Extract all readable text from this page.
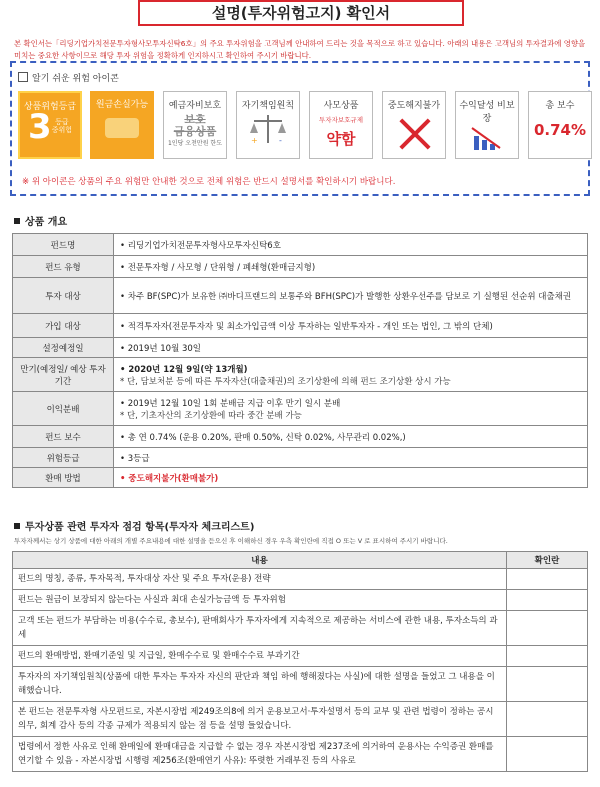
설명(투자위험고지) 확인서
본 확인서는「리딩기업가치전문투자형사모투자신탁6호」의 주요 투자위험을 고객님께 안내하여 드리는 것을 목적으로 하고 있습니다. 아래의 내용은 고객님의 투자결과에 영향을 미치는 중요한 사항이므로 해당 투자 위험을 정확하게 인지하시고 확인하여 주시기 바랍니다.
알기 쉬운 위험 아이콘
상품위험등급
3 등급
중위험
원금손실가능	예금자비보호
보호
금융상품
1인당 오천만원 한도
자기책임원칙
+	-
사모상품
투자자보호규제
약함
중도해지불가	수익달성 비보장
총 보수
0.74%
※ 위 아이콘은 상품의 주요 위험만 안내한 것으로 전체 위험은 반드시 설명서를 확인하시기 바랍니다.
상품 개요
펀드명	• 리딩기업가치전문투자형사모투자신탁6호
펀드 유형	• 전문투자형 / 사모형 / 단위형 / 폐쇄형(환매금지형)
투자 대상	• 차주 BF(SPC)가 보유한 ㈜바디프랜드의 보통주와 BFH(SPC)가 발행한 상환우선주를 담보로 기 실행된 선순위 대출채권
가입 대상	• 적격투자자(전문투자자 및 최소가입금액 이상 투자하는 일반투자자 - 개인 또는 법인, 그 밖의 단체)
설정예정일	• 2019년 10월 30일
만기(예정일/ 예상 투자기간	• 2020년 12월 9일(약 13개월)
* 단, 담보처분 등에 따른 투자자산(대출채권)의 조기상환에 의해 펀드 조기상환 상시 가능

이익분배	• 2019년 12월 10일 1회 분배금 지급 이후 만기 일시 분배
* 단, 기초자산의 조기상환에 따라 중간 분배 가능

펀드 보수	• 총 연 0.74% (운용 0.20%, 판매 0.50%, 신탁 0.02%, 사무관리 0.02%,)
위험등급	• 3등급
환매 방법	• 중도해지불가(환매불가)
투자상품 관련 투자자 점검 항목(투자자 체크리스트)
투자자께서는 상기 상품에 대한 아래의 개별 주요내용에 대한 설명을 듣으신 후 이해하신 경우 우측 확인란에 직접 O 또는 V 로 표시하여 주시기 바랍니다.
내용	확인란
펀드의 명칭, 종류, 투자목적, 투자대상 자산 및 주요 투자(운용) 전략	
펀드는 원금이 보장되지 않는다는 사실과 최대 손실가능금액 등 투자위험	
고객 또는 펀드가 부담하는 비용(수수료, 총보수), 판매회사가 투자자에게 지속적으로 제공하는 서비스에 관한 내용, 투자소득의 과세	
펀드의 환매방법, 환매기준일 및 지급일, 환매수수료 및 환매수수료 부과기간	
투자자의 자기책임원칙(상품에 대한 투자는 투자자 자신의 판단과 책임 하에 행해졌다는 사실)에 대한 설명을 들었고 그 내용을 이해했습니다.	
본 펀드는 전문투자형 사모펀드로, 자본시장법 제249조의8에 의거 운용보고서·투자설명서 등의 교부 및 관련 법령이 정하는 공시 의무, 회계 감사 등의 각종 규제가 적용되지 않는 점 등을 설명 들었습니다.	
법령에서 정한 사유로 인해 환매일에 환매대금을 지급할 수 없는 경우 자본시장법 제237조에 의거하여 운용사는 수익증권 환매를 연기할 수 있음 - 자본시장법 시행령 제256조(환매연기 사유): 뚜렷한 거래부진 등의 사유로	
